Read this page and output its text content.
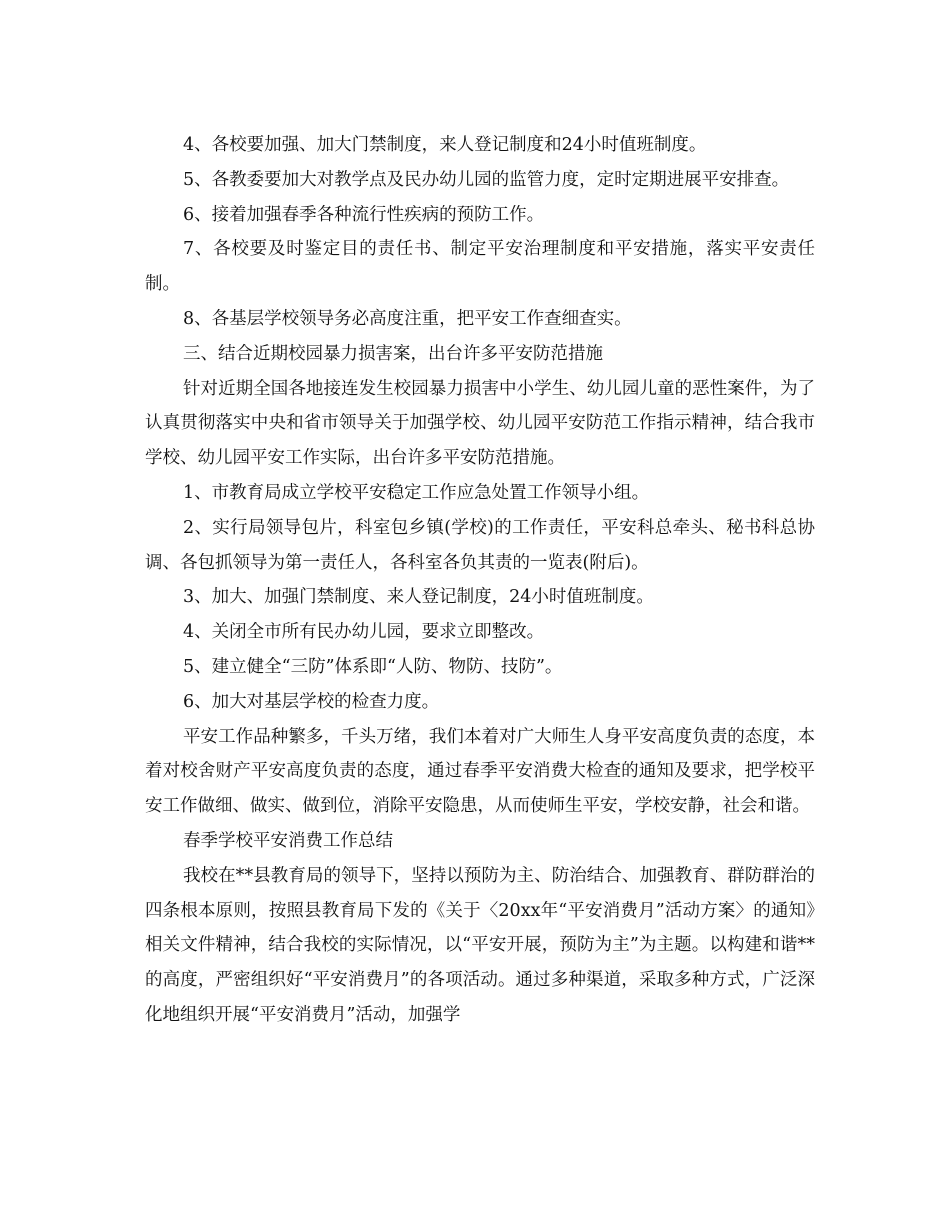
4、各校要加强、加大门禁制度，来人登记制度和24小时值班制度。

5、各教委要加大对教学点及民办幼儿园的监管力度，定时定期进展平安排查。

6、接着加强春季各种流行性疾病的预防工作。

7、各校要及时鉴定目的责任书、制定平安治理制度和平安措施，落实平安责任制。

8、各基层学校领导务必高度注重，把平安工作查细查实。

三、结合近期校园暴力损害案，出台许多平安防范措施

针对近期全国各地接连发生校园暴力损害中小学生、幼儿园儿童的恶性案件，为了认真贯彻落实中央和省市领导关于加强学校、幼儿园平安防范工作指示精神，结合我市学校、幼儿园平安工作实际，出台许多平安防范措施。

1、市教育局成立学校平安稳定工作应急处置工作领导小组。

2、实行局领导包片，科室包乡镇(学校)的工作责任，平安科总牵头、秘书科总协调、各包抓领导为第一责任人，各科室各负其责的一览表(附后)。

3、加大、加强门禁制度、来人登记制度，24小时值班制度。

4、关闭全市所有民办幼儿园，要求立即整改。

5、建立健全“三防”体系即“人防、物防、技防”。

6、加大对基层学校的检查力度。

平安工作品种繁多，千头万绪，我们本着对广大师生人身平安高度负责的态度，本着对校舍财产平安高度负责的态度，通过春季平安消费大检查的通知及要求，把学校平安工作做细、做实、做到位，消除平安隐患，从而使师生平安，学校安静，社会和谐。

春季学校平安消费工作总结

我校在**县教育局的领导下，坚持以预防为主、防治结合、加强教育、群防群治的四条根本原则，按照县教育局下发的《关于〈20xx年“平安消费月”活动方案〉的通知》相关文件精神，结合我校的实际情况，以“平安开展，预防为主”为主题。以构建和谐**的高度，严密组织好“平安消费月”的各项活动。通过多种渠道，采取多种方式，广泛深化地组织开展“平安消费月”活动，加强学
